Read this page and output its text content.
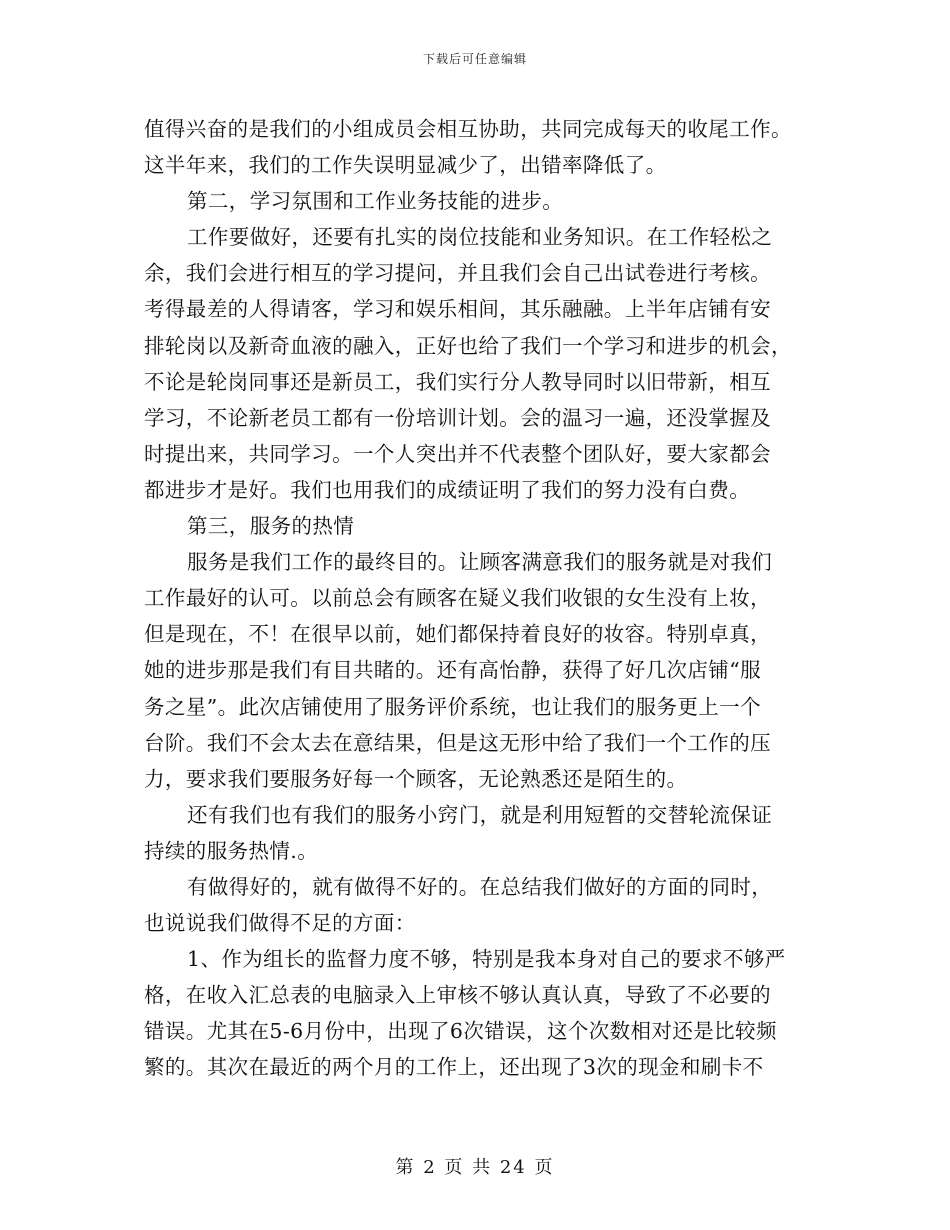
下载后可任意编辑
值得兴奋的是我们的小组成员会相互协助，共同完成每天的收尾工作。
这半年来，我们的工作失误明显减少了，出错率降低了。
第二，学习氛围和工作业务技能的进步。
工作要做好，还要有扎实的岗位技能和业务知识。在工作轻松之
余，我们会进行相互的学习提问，并且我们会自己出试卷进行考核。
考得最差的人得请客，学习和娱乐相间，其乐融融。上半年店铺有安
排轮岗以及新奇血液的融入，正好也给了我们一个学习和进步的机会，
不论是轮岗同事还是新员工，我们实行分人教导同时以旧带新，相互
学习，不论新老员工都有一份培训计划。会的温习一遍，还没掌握及
时提出来，共同学习。一个人突出并不代表整个团队好，要大家都会
都进步才是好。我们也用我们的成绩证明了我们的努力没有白费。
第三，服务的热情
服务是我们工作的最终目的。让顾客满意我们的服务就是对我们
工作最好的认可。以前总会有顾客在疑义我们收银的女生没有上妆，
但是现在，不！在很早以前，她们都保持着良好的妆容。特别卓真，
她的进步那是我们有目共睹的。还有高怡静，获得了好几次店铺“服
务之星”。此次店铺使用了服务评价系统，也让我们的服务更上一个
台阶。我们不会太去在意结果，但是这无形中给了我们一个工作的压
力，要求我们要服务好每一个顾客，无论熟悉还是陌生的。
还有我们也有我们的服务小窍门，就是利用短暂的交替轮流保证
持续的服务热情.。
有做得好的，就有做得不好的。在总结我们做好的方面的同时，
也说说我们做得不足的方面：
1、作为组长的监督力度不够，特别是我本身对自己的要求不够严
格，在收入汇总表的电脑录入上审核不够认真认真，导致了不必要的
错误。尤其在5-6月份中，出现了6次错误，这个次数相对还是比较频
繁的。其次在最近的两个月的工作上，还出现了3次的现金和刷卡不
第 2 页 共 24 页
